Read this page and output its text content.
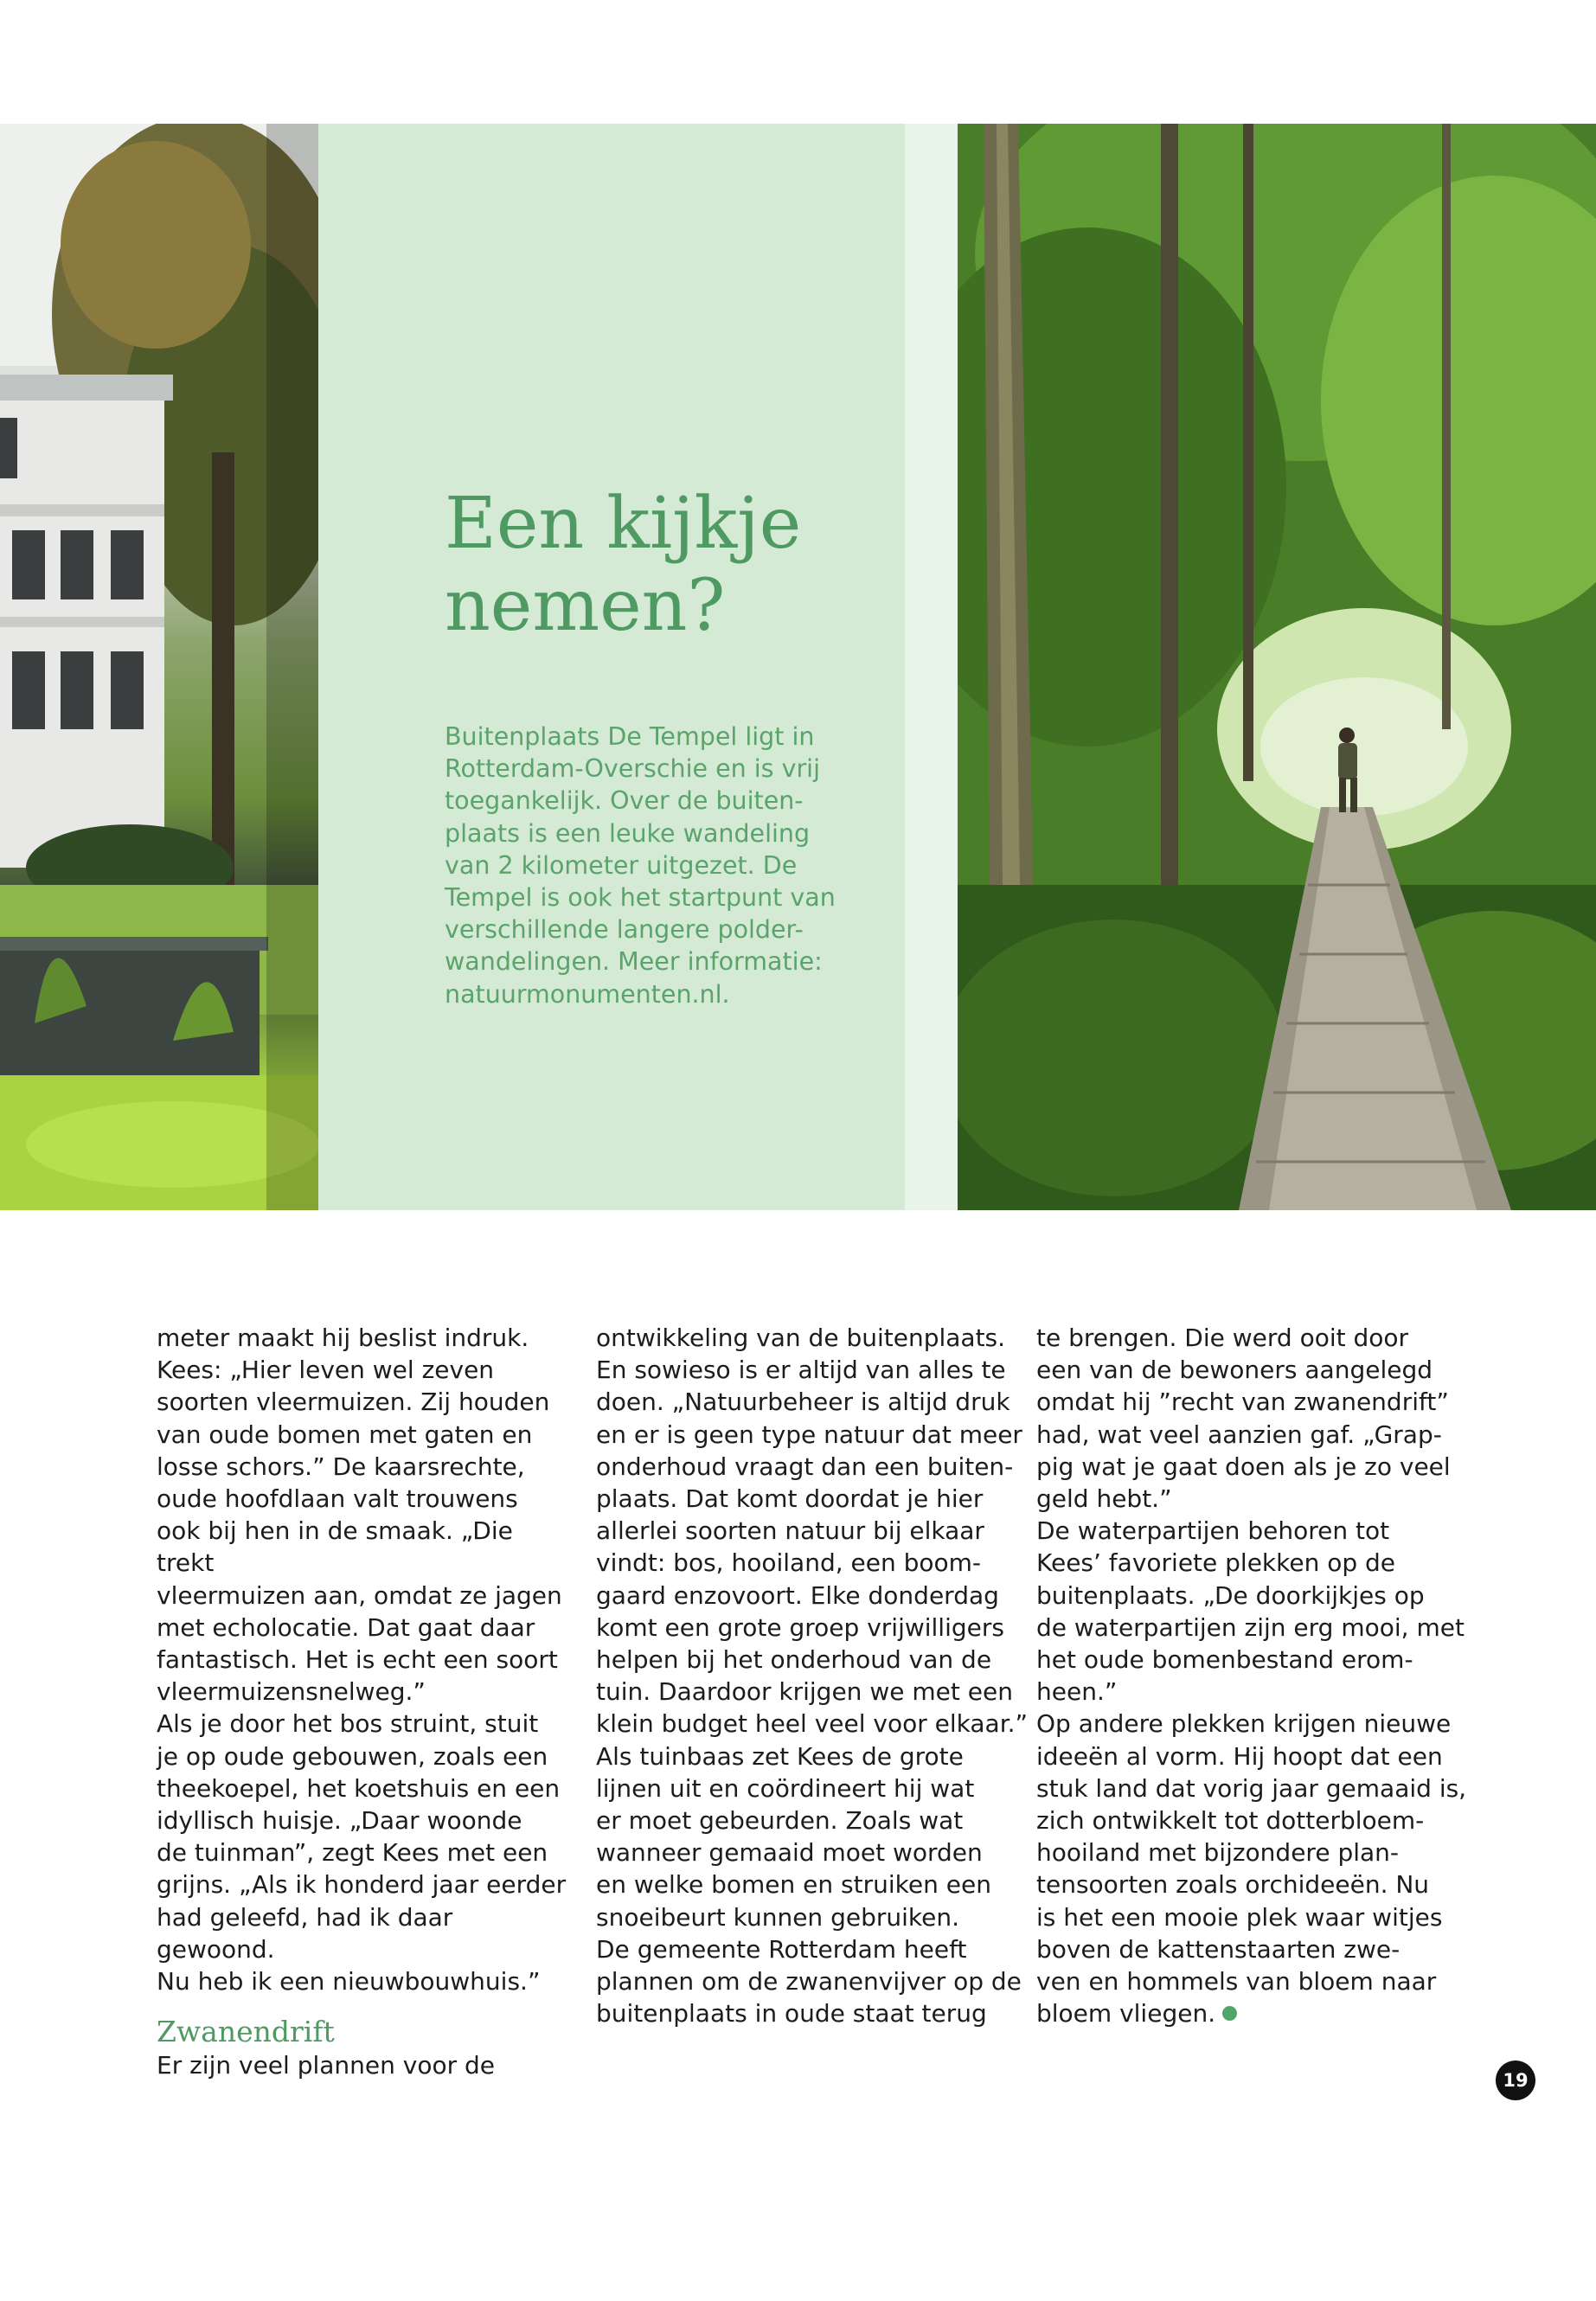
Een kijkje
nemen?

Buitenplaats De Tempel ligt in
Rotterdam-Overschie en is vrij
toegankelijk. Over de buiten-
plaats is een leuke wandeling
van 2 kilometer uitgezet. De
Tempel is ook het startpunt van
verschillende langere polder-
wandelingen. Meer informatie:
natuurmonumenten.nl.

meter maakt hij beslist indruk.
Kees: „Hier leven wel zeven
soorten vleermuizen. Zij houden
van oude bomen met gaten en
losse schors.” De kaarsrechte,
oude hoofdlaan valt trouwens
ook bij hen in de smaak. „Die trekt
vleermuizen aan, omdat ze jagen
met echolocatie. Dat gaat daar
fantastisch. Het is echt een soort
vleermuizensnelweg.”
Als je door het bos struint, stuit
je op oude gebouwen, zoals een
theekoepel, het koetshuis en een
idyllisch huisje. „Daar woonde
de tuinman”, zegt Kees met een
grijns. „Als ik honderd jaar eerder
had geleefd, had ik daar gewoond.
Nu heb ik een nieuwbouwhuis.”
Zwanendrift
Er zijn veel plannen voor de
ontwikkeling van de buitenplaats.
En sowieso is er altijd van alles te
doen. „Natuurbeheer is altijd druk
en er is geen type natuur dat meer
onderhoud vraagt dan een buiten-
plaats. Dat komt doordat je hier
allerlei soorten natuur bij elkaar
vindt: bos, hooiland, een boom-
gaard enzovoort. Elke donderdag
komt een grote groep vrijwilligers
helpen bij het onderhoud van de
tuin. Daardoor krijgen we met een
klein budget heel veel voor elkaar.”
Als tuinbaas zet Kees de grote
lijnen uit en coördineert hij wat
er moet gebeurden. Zoals wat
wanneer gemaaid moet worden
en welke bomen en struiken een
snoeibeurt kunnen gebruiken.
De gemeente Rotterdam heeft
plannen om de zwanenvijver op de
buitenplaats in oude staat terug
te brengen. Die werd ooit door
een van de bewoners aangelegd
omdat hij ”recht van zwanendrift”
had, wat veel aanzien gaf. „Grap-
pig wat je gaat doen als je zo veel
geld hebt.”
De waterpartijen behoren tot
Kees’ favoriete plekken op de
buitenplaats. „De doorkijkjes op
de waterpartijen zijn erg mooi, met
het oude bomenbestand erom-
heen.”
Op andere plekken krijgen nieuwe
ideeën al vorm. Hij hoopt dat een
stuk land dat vorig jaar gemaaid is,
zich ontwikkelt tot dotterbloem-
hooiland met bijzondere plan-
tensoorten zoals orchideeën. Nu
is het een mooie plek waar witjes
boven de kattenstaarten zwe-
ven en hommels van bloem naar
bloem vliegen.
19
